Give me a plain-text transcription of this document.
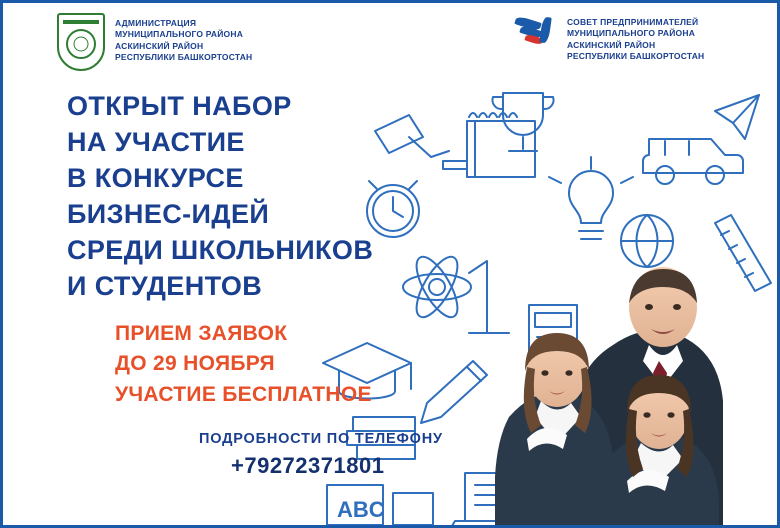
АДМИНИСТРАЦИЯ
МУНИЦИПАЛЬНОГО РАЙОНА
АСКИНСКИЙ РАЙОН
РЕСПУБЛИКИ БАШКОРТОСТАН
СОВЕТ ПРЕДПРИНИМАТЕЛЕЙ
МУНИЦИПАЛЬНОГО РАЙОНА
АСКИНСКИЙ РАЙОН
РЕСПУБЛИКИ БАШКОРТОСТАН
ABC
ОТКРЫТ НАБОР
НА УЧАСТИЕ
В КОНКУРСЕ
БИЗНЕС-ИДЕЙ
СРЕДИ ШКОЛЬНИКОВ
И СТУДЕНТОВ
ПРИЕМ ЗАЯВОК
ДО 29 НОЯБРЯ
УЧАСТИЕ БЕСПЛАТНОЕ
ПОДРОБНОСТИ ПО ТЕЛЕФОНУ
+79272371801
